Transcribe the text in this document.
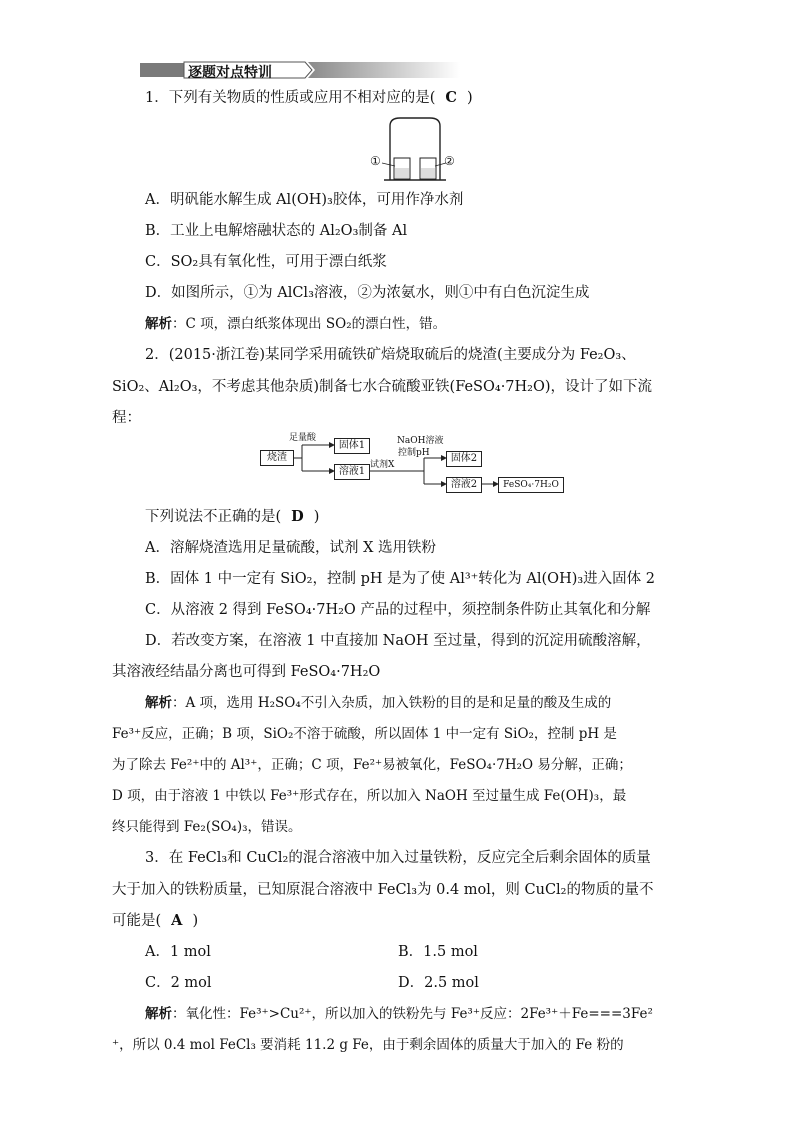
逐题对点特训
1．下列有关物质的性质或应用不相对应的是( C )
①	②
A．明矾能水解生成 Al(OH)₃胶体，可用作净水剂
B．工业上电解熔融状态的 Al₂O₃制备 Al
C．SO₂具有氧化性，可用于漂白纸浆
D．如图所示，①为 AlCl₃溶液，②为浓氨水，则①中有白色沉淀生成
解析：C 项，漂白纸浆体现出 SO₂的漂白性，错。
2．(2015·浙江卷)某同学采用硫铁矿焙烧取硫后的烧渣(主要成分为 Fe₂O₃、
SiO₂、Al₂O₃，不考虑其他杂质)制备七水合硫酸亚铁(FeSO₄·7H₂O)，设计了如下流
程：
烧渣
足量酸
固体1
溶液1
试剂X
NaOH溶液
控制pH	固体2
溶液2	FeSO₄·7H₂O
下列说法不正确的是( D )
A．溶解烧渣选用足量硫酸，试剂 X 选用铁粉
B．固体 1 中一定有 SiO₂，控制 pH 是为了使 Al³⁺转化为 Al(OH)₃进入固体 2
C．从溶液 2 得到 FeSO₄·7H₂O 产品的过程中，须控制条件防止其氧化和分解
D．若改变方案，在溶液 1 中直接加 NaOH 至过量，得到的沉淀用硫酸溶解，
其溶液经结晶分离也可得到 FeSO₄·7H₂O
解析：A 项，选用 H₂SO₄不引入杂质，加入铁粉的目的是和足量的酸及生成的
Fe³⁺反应，正确；B 项，SiO₂不溶于硫酸，所以固体 1 中一定有 SiO₂，控制 pH 是
为了除去 Fe²⁺中的 Al³⁺，正确；C 项，Fe²⁺易被氧化，FeSO₄·7H₂O 易分解，正确；
D 项，由于溶液 1 中铁以 Fe³⁺形式存在，所以加入 NaOH 至过量生成 Fe(OH)₃，最
终只能得到 Fe₂(SO₄)₃，错误。
3．在 FeCl₃和 CuCl₂的混合溶液中加入过量铁粉，反应完全后剩余固体的质量
大于加入的铁粉质量，已知原混合溶液中 FeCl₃为 0.4 mol，则 CuCl₂的物质的量不
可能是( A )
A．1 mol	B．1.5 mol
C．2 mol	D．2.5 mol
解析：氧化性：Fe³⁺>Cu²⁺，所以加入的铁粉先与 Fe³⁺反应：2Fe³⁺＋Fe===3Fe²
⁺，所以 0.4 mol FeCl₃ 要消耗 11.2 g Fe，由于剩余固体的质量大于加入的 Fe 粉的
